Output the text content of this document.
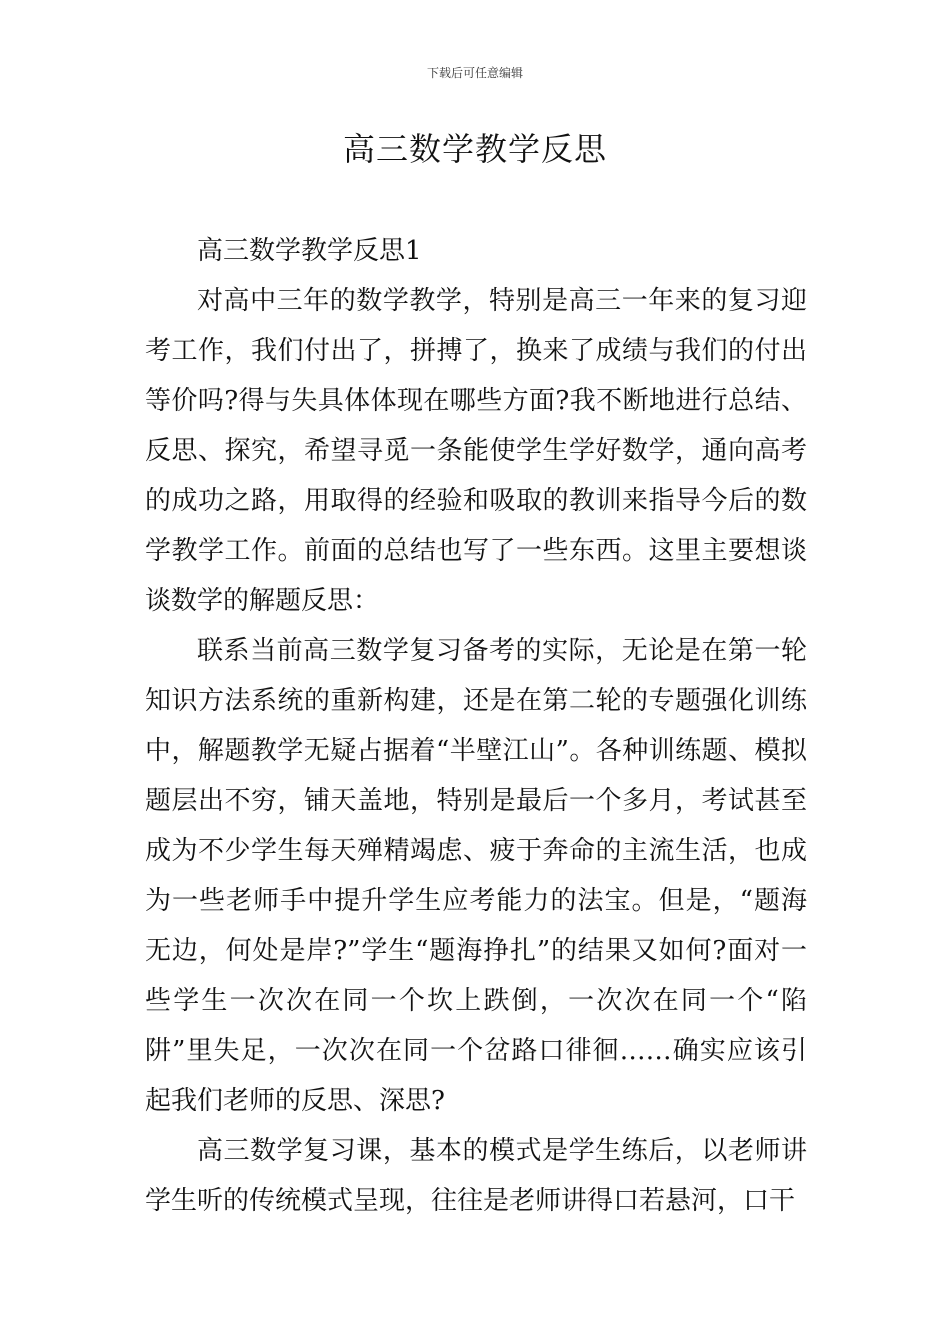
下载后可任意编辑
高三数学教学反思

高三数学教学反思1

对高中三年的数学教学，特别是高三一年来的复习迎考工作，我们付出了，拼搏了，换来了成绩与我们的付出等价吗?得与失具体体现在哪些方面?我不断地进行总结、反思、探究，希望寻觅一条能使学生学好数学，通向高考的成功之路，用取得的经验和吸取的教训来指导今后的数学教学工作。前面的总结也写了一些东西。这里主要想谈谈数学的解题反思：

联系当前高三数学复习备考的实际，无论是在第一轮知识方法系统的重新构建，还是在第二轮的专题强化训练中，解题教学无疑占据着“半壁江山”。各种训练题、模拟题层出不穷，铺天盖地，特别是最后一个多月，考试甚至成为不少学生每天殚精竭虑、疲于奔命的主流生活，也成为一些老师手中提升学生应考能力的法宝。但是，“题海无边，何处是岸?”学生“题海挣扎”的结果又如何?面对一些学生一次次在同一个坎上跌倒，一次次在同一个“陷阱”里失足，一次次在同一个岔路口徘徊……确实应该引起我们老师的反思、深思?

高三数学复习课，基本的模式是学生练后，以老师讲学生听的传统模式呈现，往往是老师讲得口若悬河，口干
